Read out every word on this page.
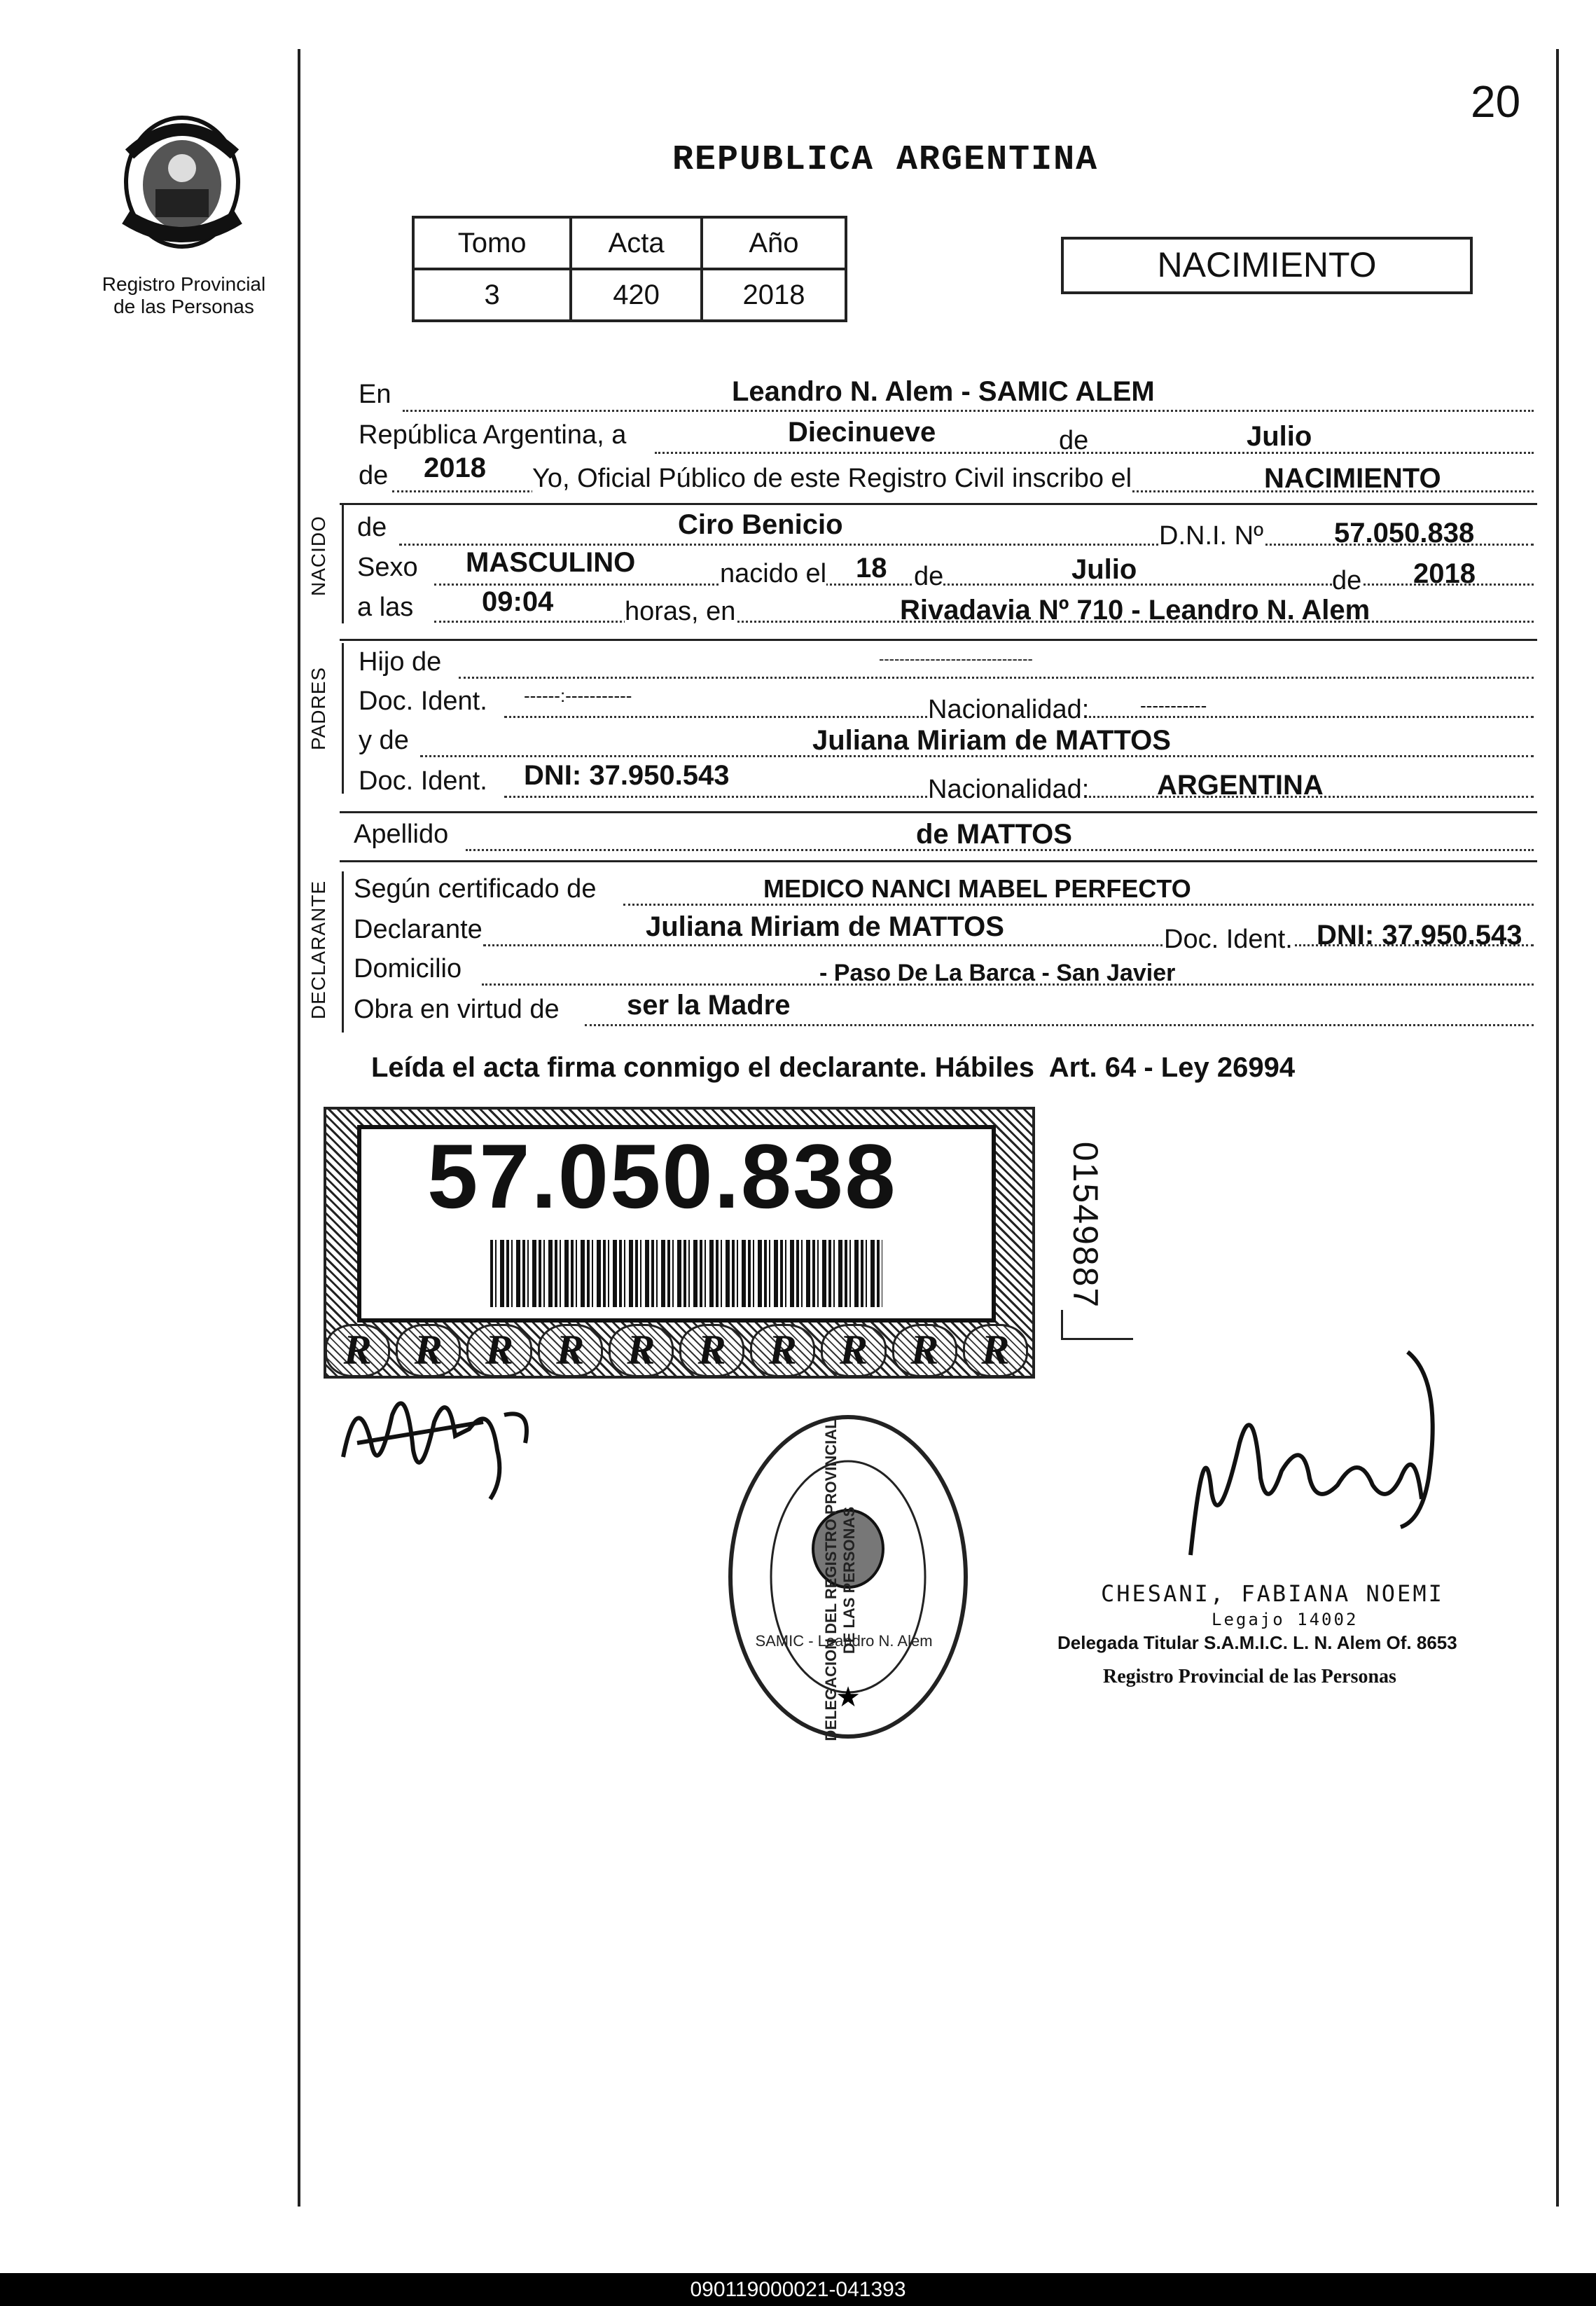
20
Registro Provincial
de las Personas
REPUBLICA ARGENTINA
Tomo	Acta	Año
3	420	2018
NACIMIENTO
En	Leandro N. Alem - SAMIC ALEM
República Argentina, a	Diecinueve	de	Julio
de 2018 Yo, Oficial Público de este Registro Civil inscribo el	NACIMIENTO
NACIDO de	Ciro Benicio	D.N.I. Nº	57.050.838
Sexo MASCULINO	nacido el 18 de	Julio	de 2018
a las 09:04	horas, en	Rivadavia Nº 710 - Leandro N. Alem
PADRES
Hijo de	------------------------------
Doc. Ident. ------:-----------	Nacionalidad:	-----------
y de	Juliana Miriam de MATTOS
Doc. Ident. DNI: 37.950.543	Nacionalidad: ARGENTINA
Apellido	de MATTOS
DECLARANTE Según certificado de	MEDICO NANCI MABEL PERFECTO
Declarante	Juliana Miriam de MATTOS	Doc. Ident. DNI: 37.950.543
Domicilio	- Paso De La Barca - San Javier
Obra en virtud de ser la Madre
Leída el acta firma conmigo el declarante. Hábiles  Art. 64 - Ley 26994
57.050.838
R	R	R	R	R	R	R	R	R	R
01549887
★
DELEGACION DEL REGISTRO PROVINCIAL DE LAS PERSONAS
SAMIC - Leandro N. Alem
CHESANI, FABIANA NOEMI
Legajo 14002
Delegada Titular S.A.M.I.C. L. N. Alem Of. 8653
Registro Provincial de las Personas
090119000021-041393
